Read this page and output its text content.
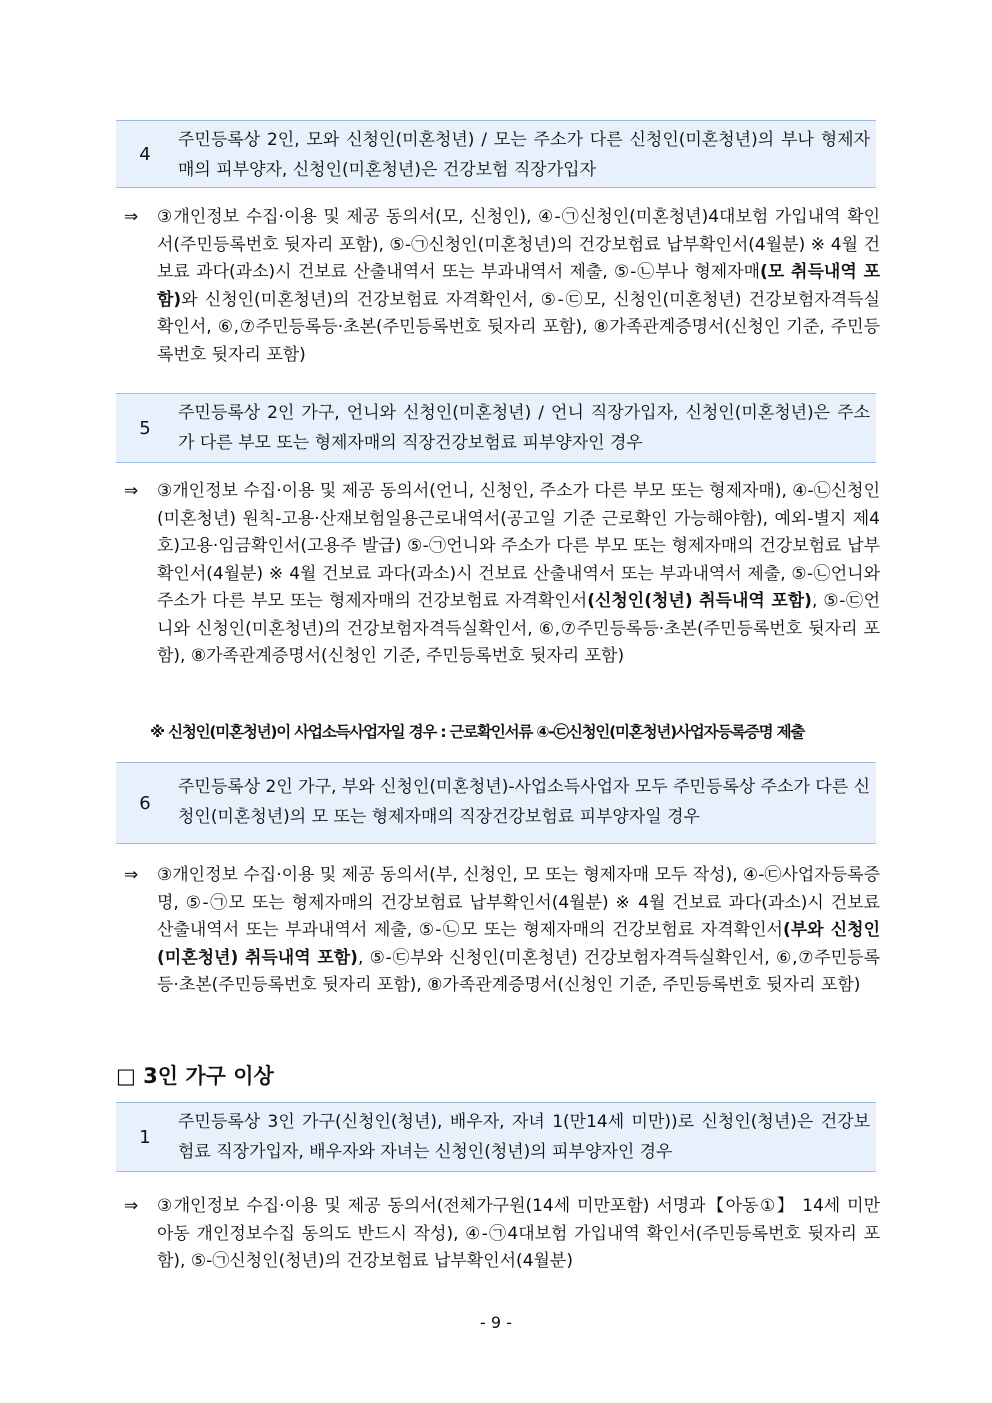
4
주민등록상 2인, 모와 신청인(미혼청년) / 모는 주소가 다른 신청인(미혼청년)의 부나 형제자매의 피부양자, 신청인(미혼청년)은 건강보험 직장가입자
⇒ ③개인정보 수집·이용 및 제공 동의서(모, 신청인), ④-㉠신청인(미혼청년)4대보험 가입내역 확인서(주민등록번호 뒷자리 포함), ⑤-㉠신청인(미혼청년)의 건강보험료 납부확인서(4월분) ※ 4월 건보료 과다(과소)시 건보료 산출내역서 또는 부과내역서 제출, ⑤-㉡부나 형제자매(모 취득내역 포함)와 신청인(미혼청년)의 건강보험료 자격확인서, ⑤-㉢모, 신청인(미혼청년) 건강보험자격득실확인서, ⑥,⑦주민등록등·초본(주민등록번호 뒷자리 포함), ⑧가족관계증명서(신청인 기준, 주민등록번호 뒷자리 포함)
5
주민등록상 2인 가구, 언니와 신청인(미혼청년) / 언니 직장가입자, 신청인(미혼청년)은 주소가 다른 부모 또는 형제자매의 직장건강보험료 피부양자인 경우
⇒ ③개인정보 수집·이용 및 제공 동의서(언니, 신청인, 주소가 다른 부모 또는 형제자매), ④-㉡신청인(미혼청년) 원칙-고용·산재보험일용근로내역서(공고일 기준 근로확인 가능해야함), 예외-별지 제4호)고용·임금확인서(고용주 발급) ⑤-㉠언니와 주소가 다른 부모 또는 형제자매의 건강보험료 납부확인서(4월분) ※ 4월 건보료 과다(과소)시 건보료 산출내역서 또는 부과내역서 제출, ⑤-㉡언니와 주소가 다른 부모 또는 형제자매의 건강보험료 자격확인서(신청인(청년) 취득내역 포함), ⑤-㉢언니와 신청인(미혼청년)의 건강보험자격득실확인서, ⑥,⑦주민등록등·초본(주민등록번호 뒷자리 포함), ⑧가족관계증명서(신청인 기준, 주민등록번호 뒷자리 포함)
※ 신청인(미혼청년)이 사업소득사업자일 경우 : 근로확인서류 ④-㉢신청인(미혼청년)사업자등록증명 제출
6
주민등록상 2인 가구, 부와 신청인(미혼청년)-사업소득사업자 모두 주민등록상 주소가 다른 신청인(미혼청년)의 모 또는 형제자매의 직장건강보험료 피부양자일 경우
⇒ ③개인정보 수집·이용 및 제공 동의서(부, 신청인, 모 또는 형제자매 모두 작성), ④-㉢사업자등록증명, ⑤-㉠모 또는 형제자매의 건강보험료 납부확인서(4월분) ※ 4월 건보료 과다(과소)시 건보료 산출내역서 또는 부과내역서 제출, ⑤-㉡모 또는 형제자매의 건강보험료 자격확인서(부와 신청인(미혼청년) 취득내역 포함), ⑤-㉢부와 신청인(미혼청년) 건강보험자격득실확인서, ⑥,⑦주민등록등·초본(주민등록번호 뒷자리 포함), ⑧가족관계증명서(신청인 기준, 주민등록번호 뒷자리 포함)
□ 3인 가구 이상
1
주민등록상 3인 가구(신청인(청년), 배우자, 자녀 1(만14세 미만))로 신청인(청년)은 건강보험료 직장가입자, 배우자와 자녀는 신청인(청년)의 피부양자인 경우
⇒ ③개인정보 수집·이용 및 제공 동의서(전체가구원(14세 미만포함) 서명과【아동①】 14세 미만 아동 개인정보수집 동의도 반드시 작성), ④-㉠4대보험 가입내역 확인서(주민등록번호 뒷자리 포함), ⑤-㉠신청인(청년)의 건강보험료 납부확인서(4월분)
- 9 -
